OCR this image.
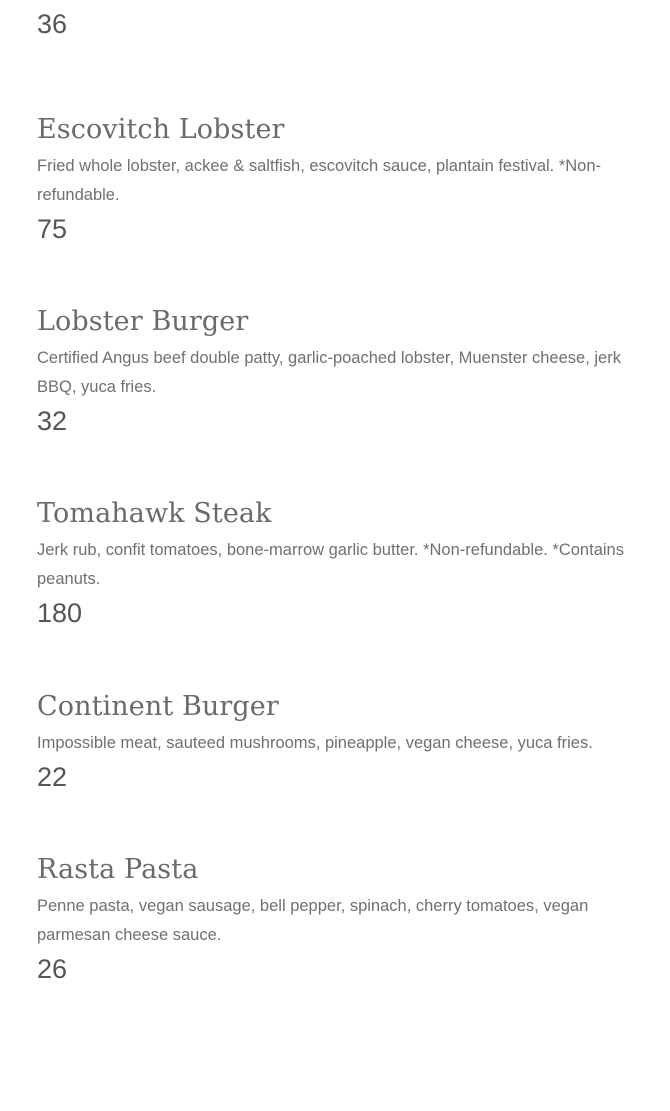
36
Escovitch Lobster

Fried whole lobster, ackee & saltfish, escovitch sauce, plantain festival. *Non-refundable.

75
Lobster Burger

Certified Angus beef double patty, garlic-poached lobster, Muenster cheese, jerk BBQ, yuca fries.

32
Tomahawk Steak

Jerk rub, confit tomatoes, bone-marrow garlic butter. *Non-refundable. *Contains peanuts.

180
Continent Burger

Impossible meat, sauteed mushrooms, pineapple, vegan cheese, yuca fries.

22
Rasta Pasta

Penne pasta, vegan sausage, bell pepper, spinach, cherry tomatoes, vegan parmesan cheese sauce.

26
